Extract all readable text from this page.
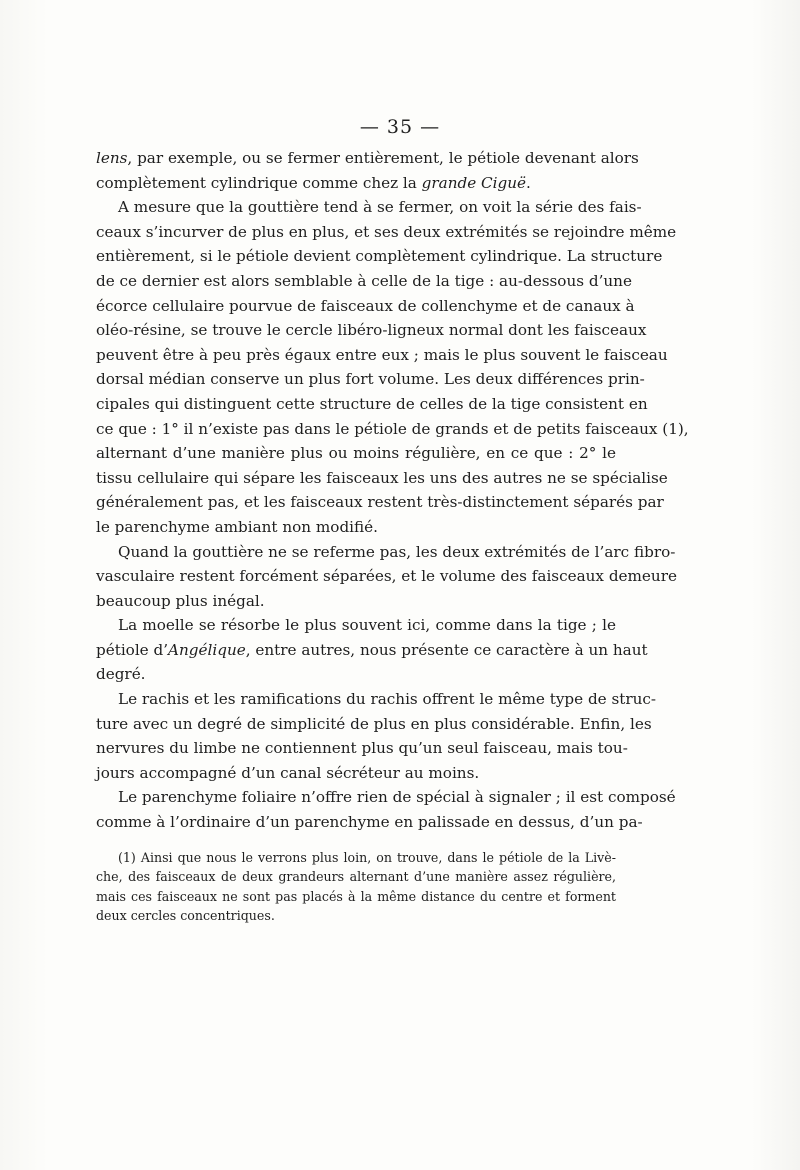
— 35 —
lens, par exemple, ou se fermer entièrement, le pétiole devenant alors
complètement cylindrique comme chez la grande Ciguë.
A mesure que la gouttière tend à se fermer, on voit la série des fais-
ceaux s’incurver de plus en plus, et ses deux extrémités se rejoindre même
entièrement, si le pétiole devient complètement cylindrique. La structure
de ce dernier est alors semblable à celle de la tige : au-dessous d’une
écorce cellulaire pourvue de faisceaux de collenchyme et de canaux à
oléo-résine, se trouve le cercle libéro-ligneux normal dont les faisceaux
peuvent être à peu près égaux entre eux ; mais le plus souvent le faisceau
dorsal médian conserve un plus fort volume. Les deux différences prin-
cipales qui distinguent cette structure de celles de la tige consistent en
ce que : 1° il n’existe pas dans le pétiole de grands et de petits faisceaux (1),
alternant d’une manière plus ou moins régulière, en ce que : 2° le
tissu cellulaire qui sépare les faisceaux les uns des autres ne se spécialise
généralement pas, et les faisceaux restent très-distinctement séparés par
le parenchyme ambiant non modifié.
Quand la gouttière ne se referme pas, les deux extrémités de l’arc fibro-
vasculaire restent forcément séparées, et le volume des faisceaux demeure
beaucoup plus inégal.
La moelle se résorbe le plus souvent ici, comme dans la tige ; le
pétiole d’Angélique, entre autres, nous présente ce caractère à un haut
degré.
Le rachis et les ramifications du rachis offrent le même type de struc-
ture avec un degré de simplicité de plus en plus considérable. Enfin, les
nervures du limbe ne contiennent plus qu’un seul faisceau, mais tou-
jours accompagné d’un canal sécréteur au moins.
Le parenchyme foliaire n’offre rien de spécial à signaler ; il est composé
comme à l’ordinaire d’un parenchyme en palissade en dessus, d’un pa-
(1) Ainsi que nous le verrons plus loin, on trouve, dans le pétiole de la Livè-
che, des faisceaux de deux grandeurs alternant d’une manière assez régulière,
mais ces faisceaux ne sont pas placés à la même distance du centre et forment
deux cercles concentriques.
